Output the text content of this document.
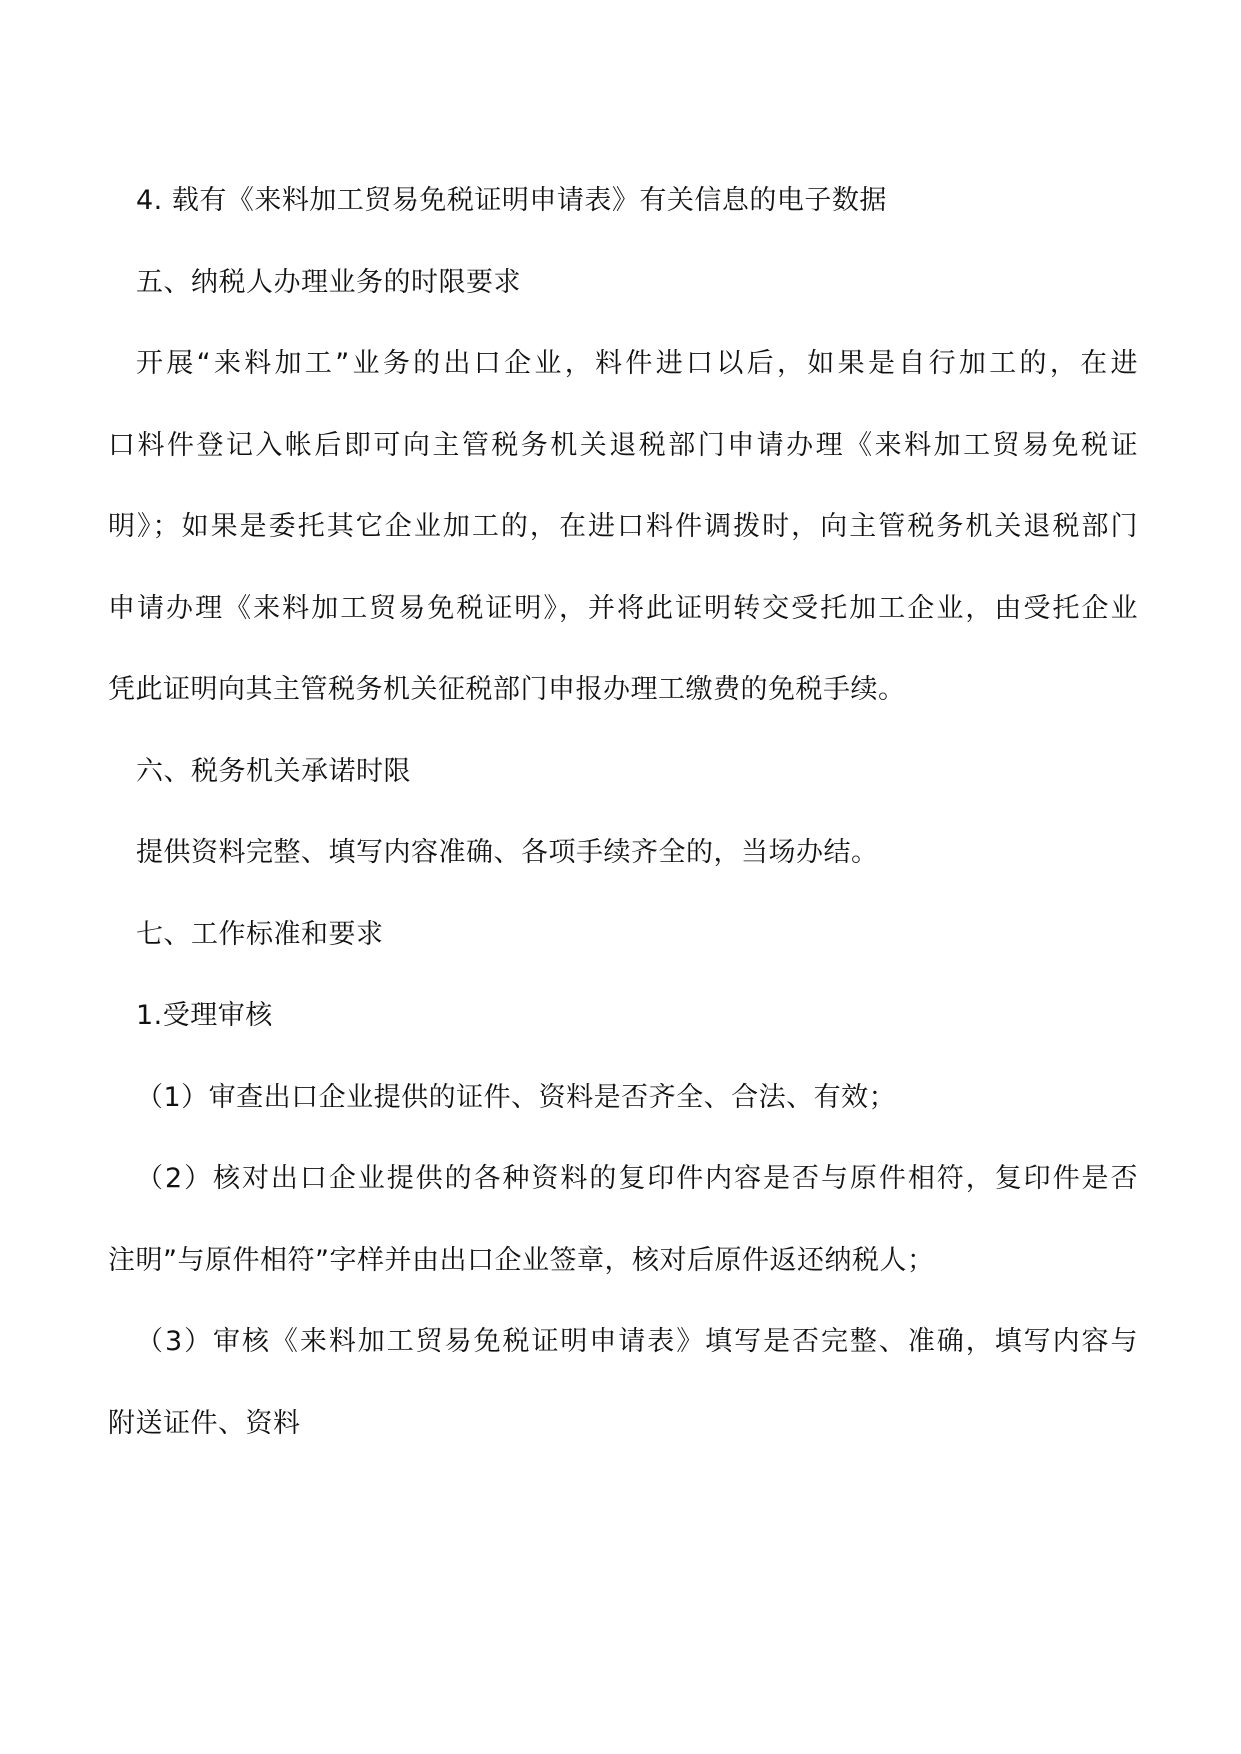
4. 载有《来料加工贸易免税证明申请表》有关信息的电子数据
五、纳税人办理业务的时限要求
开展“来料加工”业务的出口企业，料件进口以后，如果是自行加工的，在进
口料件登记入帐后即可向主管税务机关退税部门申请办理《来料加工贸易免税证
明》；如果是委托其它企业加工的，在进口料件调拨时，向主管税务机关退税部门
申请办理《来料加工贸易免税证明》，并将此证明转交受托加工企业，由受托企业
凭此证明向其主管税务机关征税部门申报办理工缴费的免税手续。
六、税务机关承诺时限
提供资料完整、填写内容准确、各项手续齐全的，当场办结。
七、工作标准和要求
1.受理审核
（1）审查出口企业提供的证件、资料是否齐全、合法、有效；
（2）核对出口企业提供的各种资料的复印件内容是否与原件相符，复印件是否
注明”与原件相符”字样并由出口企业签章，核对后原件返还纳税人；
（3）审核《来料加工贸易免税证明申请表》填写是否完整、准确，填写内容与
附送证件、资料
